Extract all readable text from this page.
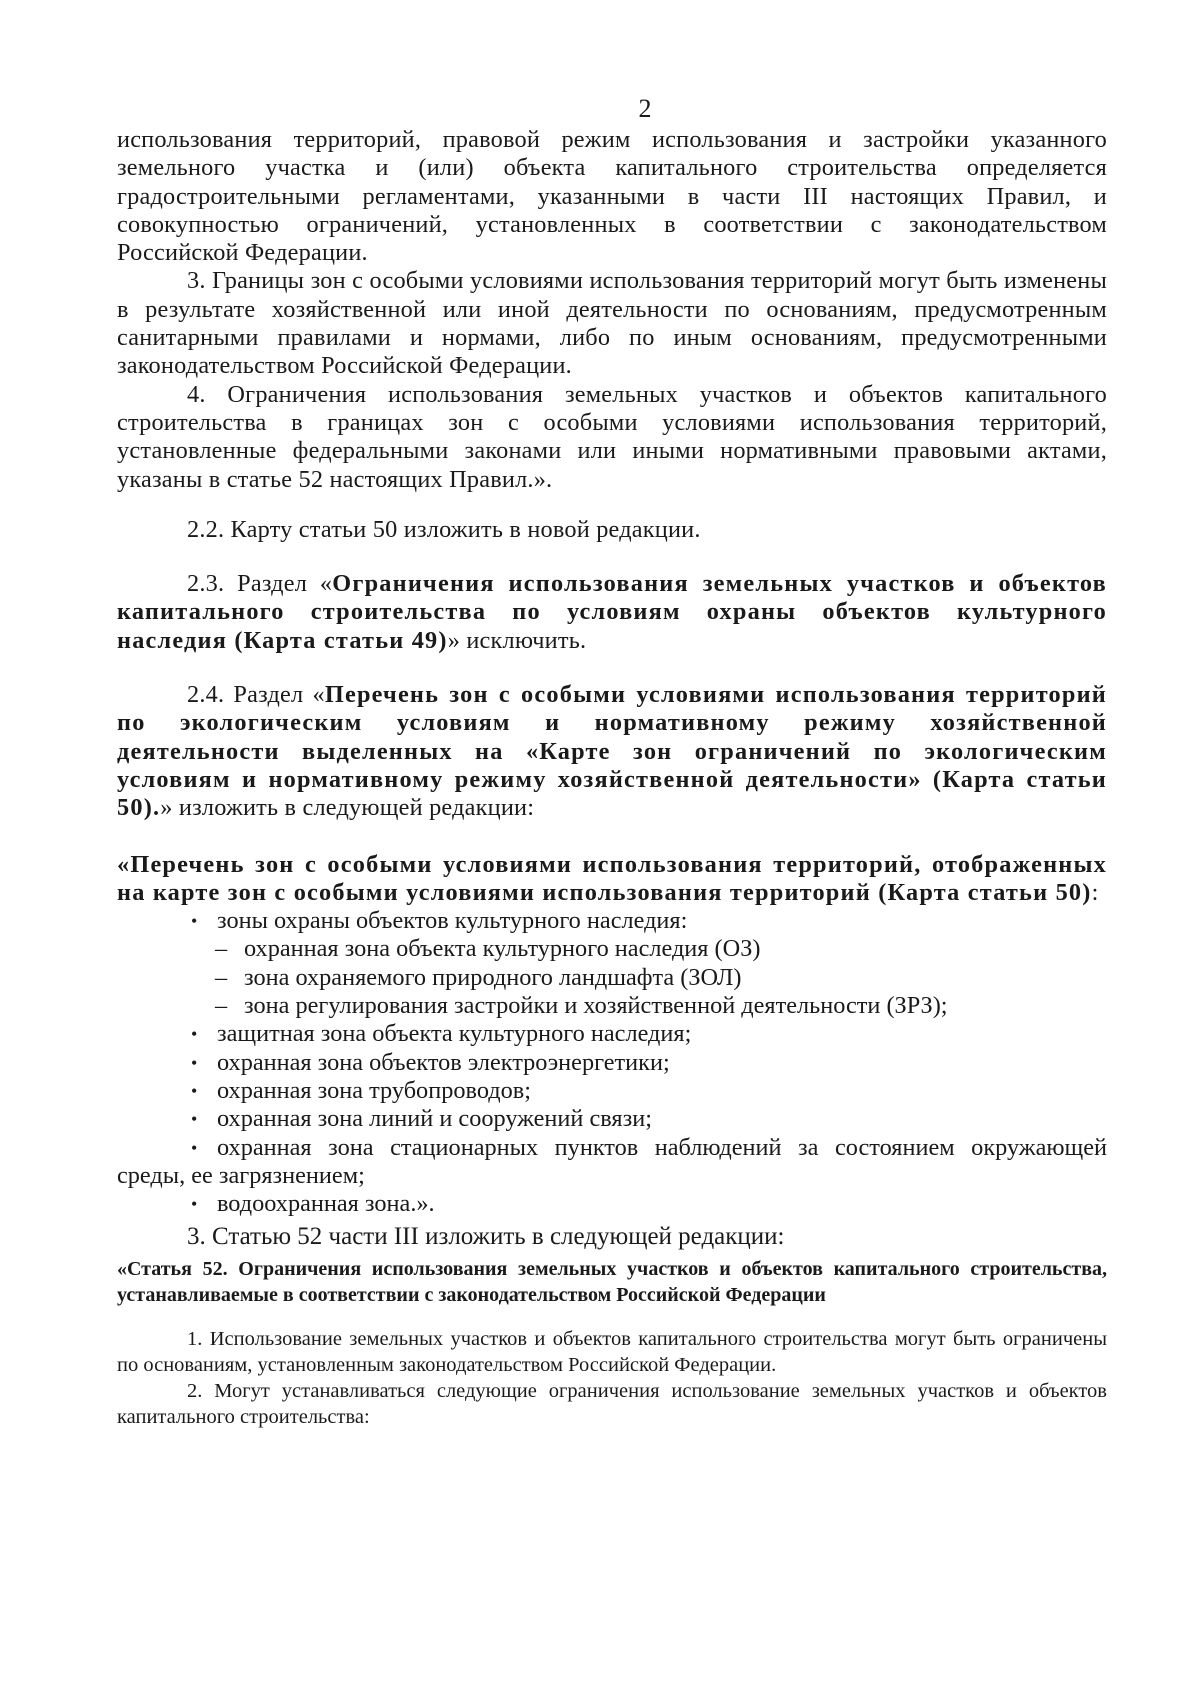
2

использования территорий, правовой режим использования и застройки указанного земельного участка и (или) объекта капитального строительства определяется градостроительными регламентами, указанными в части III настоящих Правил, и совокупностью ограничений, установленных в соответствии с законодательством Российской Федерации.

3. Границы зон с особыми условиями использования территорий могут быть изменены в результате хозяйственной или иной деятельности по основаниям, предусмотренным санитарными правилами и нормами, либо по иным основаниям, предусмотренными законодательством Российской Федерации.

4. Ограничения использования земельных участков и объектов капитального строительства в границах зон с особыми условиями использования территорий, установленные федеральными законами или иными нормативными правовыми актами, указаны в статье 52 настоящих Правил.».

2.2. Карту статьи 50 изложить в новой редакции.

2.3. Раздел «Ограничения использования земельных участков и объектов капитального строительства по условиям охраны объектов культурного наследия (Карта статьи 49)» исключить.

2.4. Раздел «Перечень зон с особыми условиями использования территорий по экологическим условиям и нормативному режиму хозяйственной деятельности выделенных на «Карте зон ограничений по экологическим условиям и нормативному режиму хозяйственной деятельности» (Карта статьи 50).» изложить в следующей редакции:

«Перечень зон с особыми условиями использования территорий, отображенных на карте зон с особыми условиями использования территорий (Карта статьи 50):

• зоны охраны объектов культурного наследия:
– охранная зона объекта культурного наследия (ОЗ)
– зона охраняемого природного ландшафта (ЗОЛ)
– зона регулирования застройки и хозяйственной деятельности (ЗРЗ);
• защитная зона объекта культурного наследия;
• охранная зона объектов электроэнергетики;
• охранная зона трубопроводов;
• охранная зона линий и сооружений связи;
• охранная зона стационарных пунктов наблюдений за состоянием окружающей среды, ее загрязнением;
• водоохранная зона.».

3. Статью 52 части III изложить в следующей редакции:

«Статья 52. Ограничения использования земельных участков и объектов капитального строительства, устанавливаемые в соответствии с законодательством Российской Федерации

1. Использование земельных участков и объектов капитального строительства могут быть ограничены по основаниям, установленным законодательством Российской Федерации.

2. Могут устанавливаться следующие ограничения использование земельных участков и объектов капитального строительства:
